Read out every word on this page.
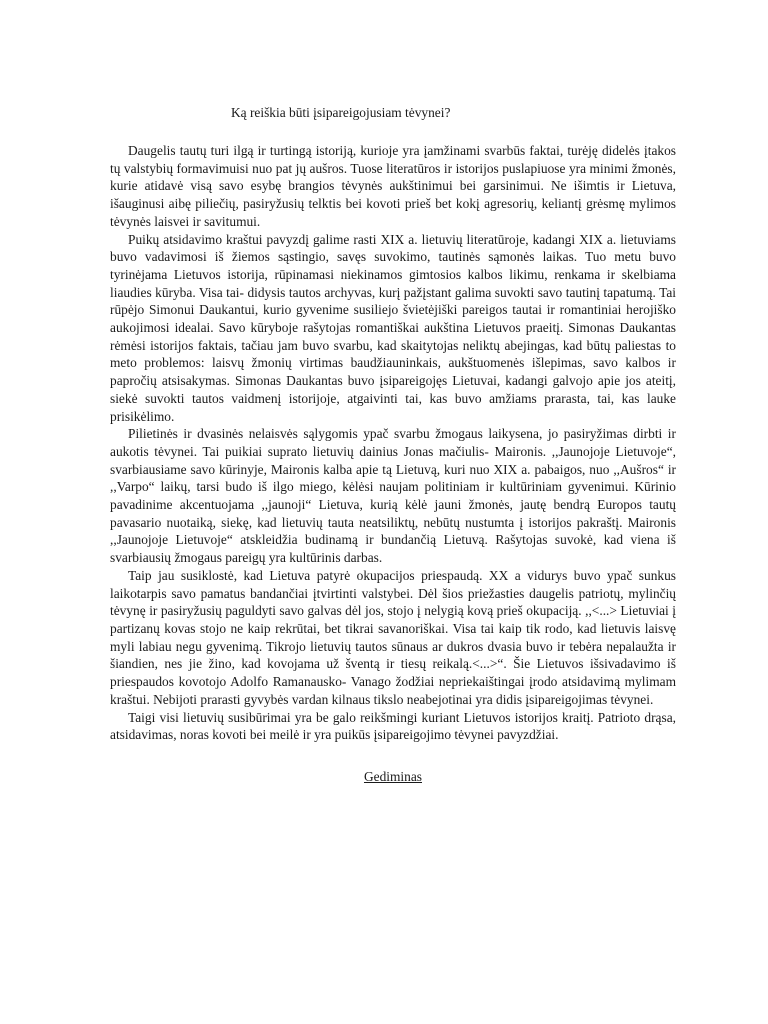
Ką reiškia būti įsipareigojusiam tėvynei?

Daugelis tautų turi ilgą ir turtingą istoriją, kurioje yra įamžinami svarbūs faktai, turėję didelės įtakos tų valstybių formavimuisi nuo pat jų aušros. Tuose literatūros ir istorijos puslapiuose yra minimi žmonės, kurie atidavė visą savo esybę brangios tėvynės aukštinimui bei garsinimui. Ne išimtis ir Lietuva, išauginusi aibę piliečių, pasiryžusių telktis bei kovoti prieš bet kokį agresorių, keliantį grėsmę mylimos tėvynės laisvei ir savitumui.

Puikų atsidavimo kraštui pavyzdį galime rasti XIX a. lietuvių literatūroje, kadangi XIX a. lietuviams buvo vadavimosi iš žiemos sąstingio, savęs suvokimo, tautinės sąmonės laikas. Tuo metu buvo tyrinėjama Lietuvos istorija, rūpinamasi niekinamos gimtosios kalbos likimu, renkama ir skelbiama liaudies kūryba. Visa tai- didysis tautos archyvas, kurį pažįstant galima suvokti savo tautinį tapatumą. Tai rūpėjo Simonui Daukantui, kurio gyvenime susiliejo švietėjiški pareigos tautai ir romantiniai herojiško aukojimosi idealai. Savo kūryboje rašytojas romantiškai aukština Lietuvos praeitį. Simonas Daukantas rėmėsi istorijos faktais, tačiau jam buvo svarbu, kad skaitytojas neliktų abejingas, kad būtų paliestas to meto problemos: laisvų žmonių virtimas baudžiauninkais, aukštuomenės išlepimas, savo kalbos ir papročių atsisakymas. Simonas Daukantas buvo įsipareigojęs Lietuvai, kadangi galvojo apie jos ateitį, siekė suvokti tautos vaidmenį istorijoje, atgaivinti tai, kas buvo amžiams prarasta, tai, kas lauke prisikėlimo.

Pilietinės ir dvasinės nelaisvės sąlygomis ypač svarbu žmogaus laikysena, jo pasiryžimas dirbti ir aukotis tėvynei. Tai puikiai suprato lietuvių dainius Jonas mačiulis- Maironis. ,,Jaunojoje Lietuvoje“, svarbiausiame savo kūrinyje, Maironis kalba apie tą Lietuvą, kuri nuo XIX a. pabaigos, nuo ,,Aušros“ ir ,,Varpo“ laikų, tarsi budo iš ilgo miego, kėlėsi naujam politiniam ir kultūriniam gyvenimui. Kūrinio pavadinime akcentuojama ,,jaunoji“ Lietuva, kurią kėlė jauni žmonės, jautę bendrą Europos tautų pavasario nuotaiką, siekę, kad lietuvių tauta neatsiliktų, nebūtų nustumta į istorijos pakraštį. Maironis ,,Jaunojoje Lietuvoje“ atskleidžia budinamą ir bundančią Lietuvą. Rašytojas suvokė, kad viena iš svarbiausių žmogaus pareigų yra kultūrinis darbas.

Taip jau susiklostė, kad Lietuva patyrė okupacijos priespaudą. XX a vidurys buvo ypač sunkus laikotarpis savo pamatus bandančiai įtvirtinti valstybei. Dėl šios priežasties daugelis patriotų, mylinčių tėvynę ir pasiryžusių paguldyti savo galvas dėl jos, stojo į nelygią kovą prieš okupaciją. ,,<...> Lietuviai į partizanų kovas stojo ne kaip rekrūtai, bet tikrai savanoriškai. Visa tai kaip tik rodo, kad lietuvis laisvę myli labiau negu gyvenimą. Tikrojo lietuvių tautos sūnaus ar dukros dvasia buvo ir tebėra nepalaužta ir šiandien, nes jie žino, kad kovojama už šventą ir tiesų reikalą.<...>“. Šie Lietuvos išsivadavimo iš priespaudos kovotojo Adolfo Ramanausko- Vanago žodžiai nepriekaištingai įrodo atsidavimą mylimam kraštui. Nebijoti prarasti gyvybės vardan kilnaus tikslo neabejotinai yra didis įsipareigojimas tėvynei.

Taigi visi lietuvių susibūrimai yra be galo reikšmingi kuriant Lietuvos istorijos kraitį. Patrioto drąsa, atsidavimas, noras kovoti bei meilė ir yra puikūs įsipareigojimo tėvynei pavyzdžiai.

Gediminas
